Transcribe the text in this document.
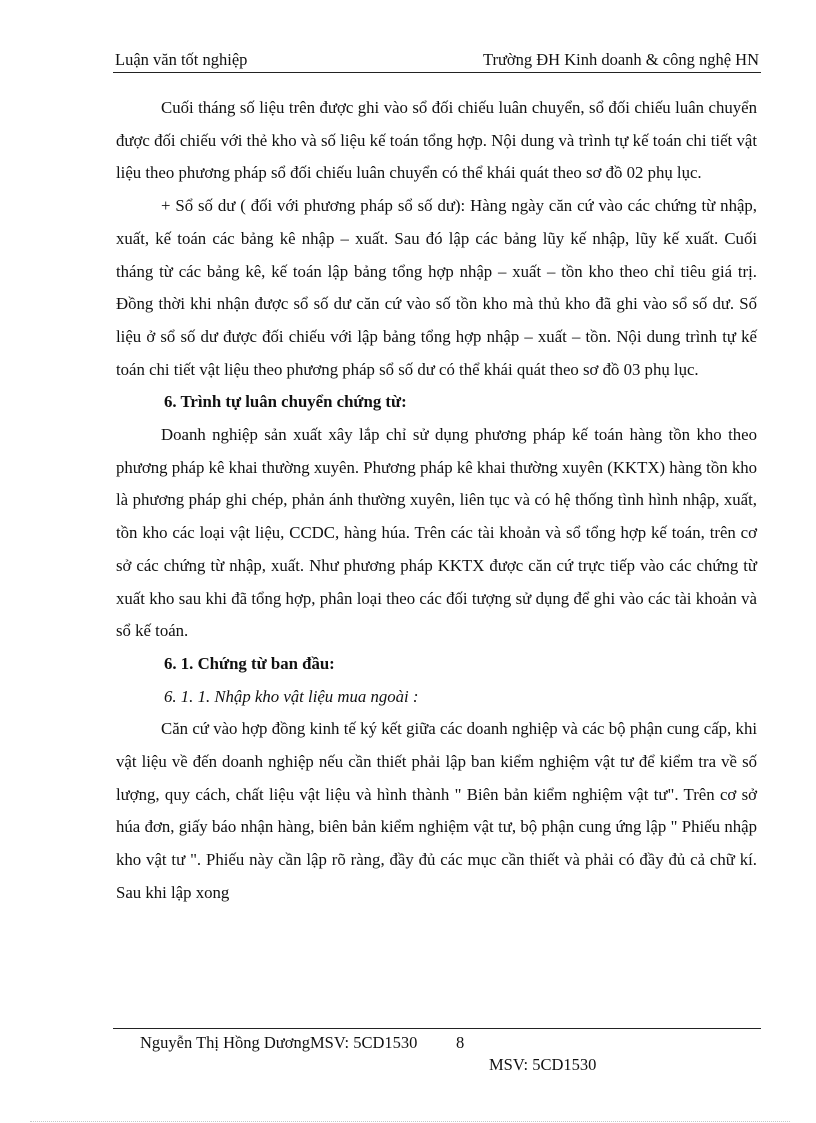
Luận văn tốt nghiệp	Trường ĐH Kinh doanh & công nghệ HN

Cuối tháng số liệu trên được ghi vào sổ đối chiếu luân chuyển, sổ đối chiếu luân chuyển được đối chiếu với thẻ kho và số liệu kế toán tổng hợp. Nội dung và trình tự kế toán chi tiết vật liệu theo phương pháp sổ đối chiếu luân chuyển có thể khái quát theo sơ đồ 02 phụ lục.

+ Sổ số dư ( đối với phương pháp sổ số dư): Hàng ngày căn cứ vào các chứng từ nhập, xuất, kế toán các bảng kê nhập – xuất. Sau đó lập các bảng lũy kế nhập, lũy kế xuất. Cuối tháng từ các bảng kê, kế toán lập bảng tổng hợp nhập – xuất – tồn kho theo chỉ tiêu giá trị. Đồng thời khi nhận được sổ số dư căn cứ vào số tồn kho mà thủ kho đã ghi vào sổ số dư. Số liệu ở sổ số dư được đối chiếu với lập bảng tổng hợp nhập – xuất – tồn. Nội dung trình tự kế toán chi tiết vật liệu theo phương pháp sổ số dư có thể khái quát theo sơ đồ 03 phụ lục.

6. Trình tự luân chuyển chứng từ:

Doanh nghiệp sản xuất xây lắp chỉ sử dụng phương pháp kế toán hàng tồn kho theo phương pháp kê khai thường xuyên. Phương pháp kê khai thường xuyên (KKTX) hàng tồn kho là phương pháp ghi chép, phản ánh thường xuyên, liên tục và có hệ thống tình hình nhập, xuất, tồn kho các loại vật liệu, CCDC, hàng húa. Trên các tài khoản và sổ tổng hợp kế toán, trên cơ sở các chứng từ nhập, xuất. Như phương pháp KKTX được căn cứ trực tiếp vào các chứng từ xuất kho sau khi đã tổng hợp, phân loại theo các đối tượng sử dụng để ghi vào các tài khoản và sổ kế toán.

6. 1. Chứng từ ban đầu:

6. 1. 1. Nhập kho vật liệu mua ngoài :

Căn cứ vào hợp đồng kinh tế ký kết giữa các doanh nghiệp và các bộ phận cung cấp, khi vật liệu về đến doanh nghiệp nếu cần thiết phải lập ban kiểm nghiệm vật tư để kiểm tra về số lượng, quy cách, chất liệu vật liệu và hình thành " Biên bản kiểm nghiệm vật tư". Trên cơ sở húa đơn, giấy báo nhận hàng, biên bản kiểm nghiệm vật tư, bộ phận cung ứng lập " Phiếu nhập kho vật tư ". Phiếu này cần lập rõ ràng, đầy đủ các mục cần thiết và phải có đầy đủ cả chữ kí. Sau khi lập xong

Nguyễn Thị Hồng DươngMSV: 5CD1530 8
MSV: 5CD1530
